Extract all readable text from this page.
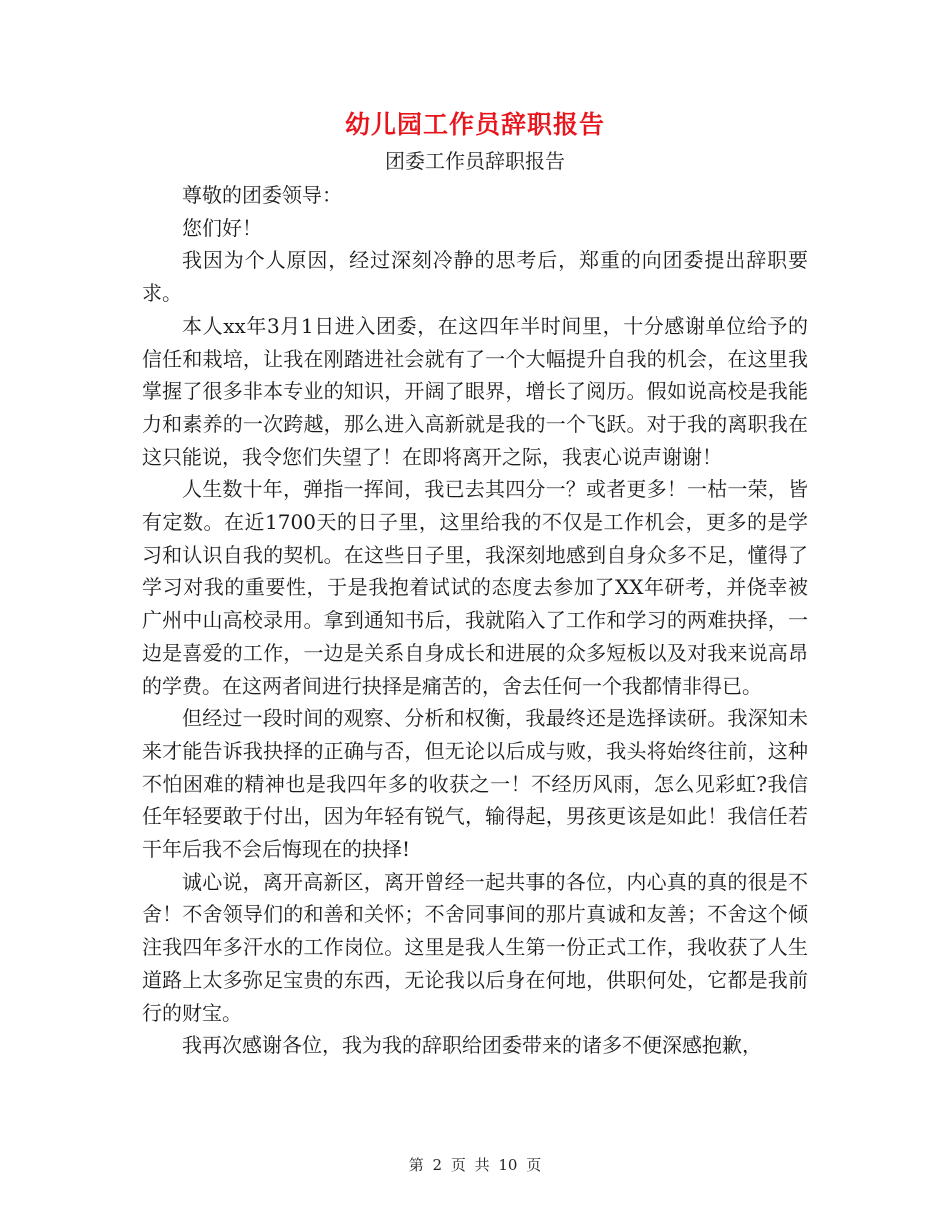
幼儿园工作员辞职报告
团委工作员辞职报告

尊敬的团委领导：

您们好！

我因为个人原因，经过深刻冷静的思考后，郑重的向团委提出辞职要求。

本人xx年3月1日进入团委，在这四年半时间里，十分感谢单位给予的信任和栽培，让我在刚踏进社会就有了一个大幅提升自我的机会，在这里我掌握了很多非本专业的知识，开阔了眼界，增长了阅历。假如说高校是我能力和素养的一次跨越，那么进入高新就是我的一个飞跃。对于我的离职我在这只能说，我令您们失望了！在即将离开之际，我衷心说声谢谢！

人生数十年，弹指一挥间，我已去其四分一？或者更多！一枯一荣，皆有定数。在近1700天的日子里，这里给我的不仅是工作机会，更多的是学习和认识自我的契机。在这些日子里，我深刻地感到自身众多不足，懂得了学习对我的重要性，于是我抱着试试的态度去参加了XX年研考，并侥幸被广州中山高校录用。拿到通知书后，我就陷入了工作和学习的两难抉择，一边是喜爱的工作，一边是关系自身成长和进展的众多短板以及对我来说高昂的学费。在这两者间进行抉择是痛苦的，舍去任何一个我都情非得已。

但经过一段时间的观察、分析和权衡，我最终还是选择读研。我深知未来才能告诉我抉择的正确与否，但无论以后成与败，我头将始终往前，这种不怕困难的精神也是我四年多的收获之一！不经历风雨，怎么见彩虹?我信任年轻要敢于付出，因为年轻有锐气，输得起，男孩更该是如此！我信任若干年后我不会后悔现在的抉择!

诚心说，离开高新区，离开曾经一起共事的各位，内心真的真的很是不舍！不舍领导们的和善和关怀；不舍同事间的那片真诚和友善；不舍这个倾注我四年多汗水的工作岗位。这里是我人生第一份正式工作，我收获了人生道路上太多弥足宝贵的东西，无论我以后身在何地，供职何处，它都是我前行的财宝。

我再次感谢各位，我为我的辞职给团委带来的诸多不便深感抱歉，

第 2 页 共 10 页
